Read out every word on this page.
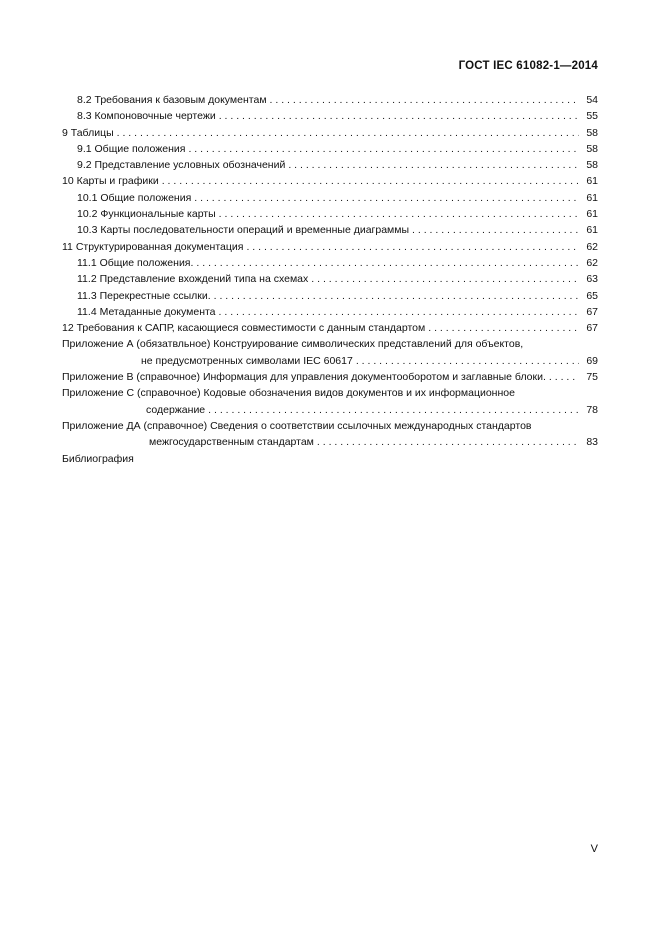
ГОСТ IEC 61082-1—2014
8.2 Требования к базовым документам . . .	54
8.3 Компоновочные чертежи . . .	55
9 Таблицы . . .	58
9.1 Общие положения . . .	58
9.2 Представление условных обозначений . . .	58
10 Карты и графики . . .	61
10.1 Общие положения . . .	61
10.2 Функциональные карты . . .	61
10.3 Карты последовательности операций и временные диаграммы . . .	61
11 Структурированная документация . . .	62
11.1 Общие положения. . . .	62
11.2 Представление вхождений типа на схемах . . .	63
11.3 Перекрестные ссылки. . . .	65
11.4 Метаданные документа . . .	67
12 Требования к САПР, касающиеся совместимости с данным стандартом . . .	67
Приложение А (обязатвльное) Конструирование символических представлений для объектов,
не предусмотренных символами IEC 60617 . . .	69
Приложение В (справочное) Информация для управления документооборотом и заглавные блоки. . . .	75
Приложение С (справочное) Кодовые обозначения видов документов и их информационное
содержание . . .	78
Приложение ДА (справочное) Сведения о соответствии ссылочных международных стандартов
межгосударственным стандартам . . .	83
Библиография
V
